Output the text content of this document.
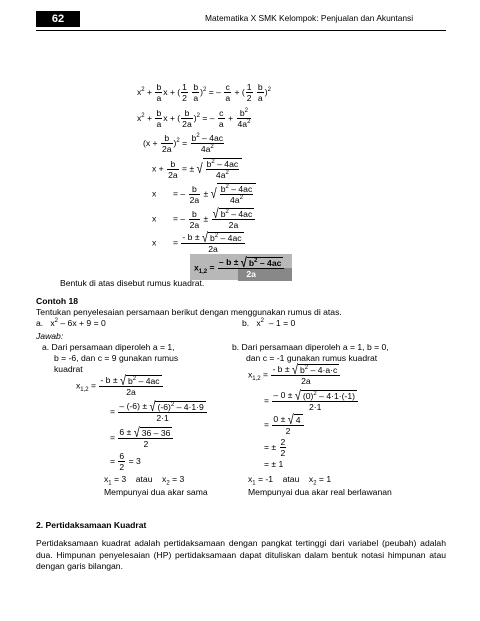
62	Matematika X SMK Kelompok: Penjualan dan Akuntansi
$x^2 + \frac{b}{a}$ x + ( $\frac{1}{2}$
$\frac{b}{a} )^2$ = – $\frac{c}{a}$ + ( $\frac{1}{2}$
$\frac{b}{a} )^2$
$x^2 + \frac{b}{a}$ x + ( $\frac{b}{2a} )^2$ = – $\frac{c}{a} + \frac{b^2}{4a^2}$
$(x + \frac{b}{2a} )^2 = \frac{b^2 - 4ac}{4a^2}$
$x + \frac{b}{2a}$ = ± √ $\frac{b^2 - 4ac}{4a^2}$
x       = – $\frac{b}{2a}$ ± √ $\frac{b^2 - 4ac}{4a^2}$
x       = – $\frac{b}{2a} \pm \frac{√ b^2 - 4ac}{2a}$
x       = $\frac{- b \pm √ b^2 - 4ac}{2a}$
$x_{1,2} = \frac{- b \pm √ b^2 - 4ac}{2a}$
Bentuk di atas disebut rumus kuadrat.
Contoh 18
Tentukan penyelesaian persamaan berikut dengan menggunakan rumus di atas.
a.   $x^2 - 6x + 9 = 0$	b.   $x^2 - 1 = 0$
Jawab:
a. Dari persamaan diperoleh a = 1,
b = -6, dan c = 9 gunakan rumus
kuadrat
$x_{1,2} = \frac{- b \pm √ b^2 - 4ac}{2a}$
= $\frac{- (-6) \pm √ (-6)^2 - 4\cdot 1\cdot 9}{2\cdot 1}$
= $\frac{6 \pm √ 36 - 36}{2}$
= $\frac{6}{2} = 3$
$x_1 = 3$    atau    $x_2 = 3$
Mempunyai dua akar sama
b. Dari persamaan diperoleh a = 1, b = 0,
dan c = -1 gunakan rumus kuadrat
$x_{1,2} = \frac{- b \pm √ b^2 - 4\cdot a\cdot c}{2a}$
= $\frac{- 0 \pm √ (0)^2 - 4\cdot 1\cdot(-1)}{2\cdot 1}$
= $\frac{0 \pm √ 4}{2}$
= ± $\frac{2}{2}$
= ± 1
$x_1 = -1$    atau    $x_2 = 1$
Mempunyai dua akar real berlawanan
2. Pertidaksamaan Kuadrat
Pertidaksamaan kuadrat adalah pertidaksamaan dengan pangkat tertinggi dari variabel (peubah) adalah dua. Himpunan penyelesaian (HP) pertidaksamaan dapat dituliskan dalam bentuk notasi himpunan atau dengan garis bilangan.
